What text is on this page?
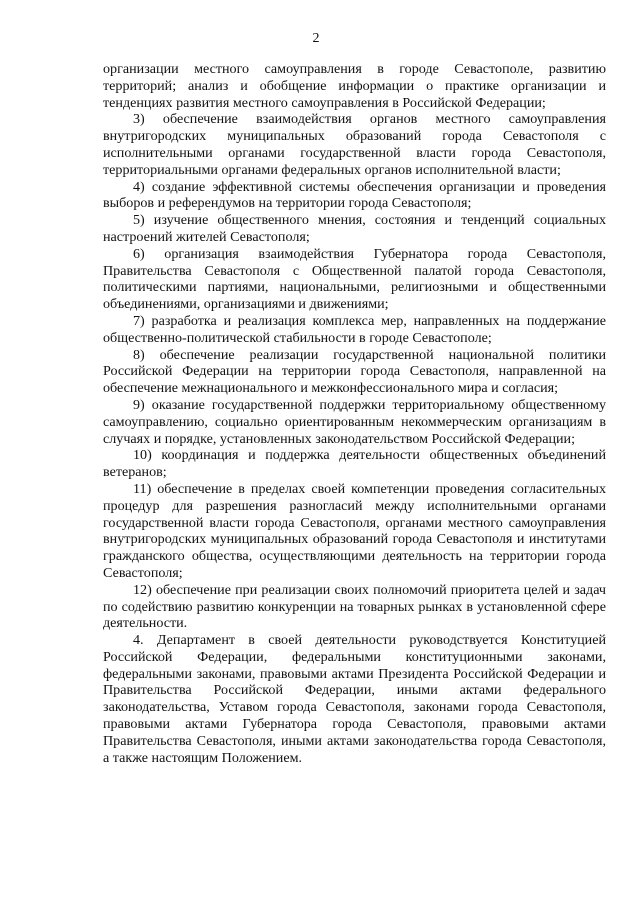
2

организации местного самоуправления в городе Севастополе, развитию территорий; анализ и обобщение информации о практике организации и тенденциях развития местного самоуправления в Российской Федерации;

3) обеспечение взаимодействия органов местного самоуправления внутригородских муниципальных образований города Севастополя с исполнительными органами государственной власти города Севастополя, территориальными органами федеральных органов исполнительной власти;

4) создание эффективной системы обеспечения организации и проведения выборов и референдумов на территории города Севастополя;

5) изучение общественного мнения, состояния и тенденций социальных настроений жителей Севастополя;

6) организация взаимодействия Губернатора города Севастополя, Правительства Севастополя с Общественной палатой города Севастополя, политическими партиями, национальными, религиозными и общественными объединениями, организациями и движениями;

7) разработка и реализация комплекса мер, направленных на поддержание общественно-политической стабильности в городе Севастополе;

8) обеспечение реализации государственной национальной политики Российской Федерации на территории города Севастополя, направленной на обеспечение межнационального и межконфессионального мира и согласия;

9) оказание государственной поддержки территориальному общественному самоуправлению, социально ориентированным некоммерческим организациям в случаях и порядке, установленных законодательством Российской Федерации;

10) координация и поддержка деятельности общественных объединений ветеранов;

11) обеспечение в пределах своей компетенции проведения согласительных процедур для разрешения разногласий между исполнительными органами государственной власти города Севастополя, органами местного самоуправления внутригородских муниципальных образований города Севастополя и институтами гражданского общества, осуществляющими деятельность на территории города Севастополя;

12) обеспечение при реализации своих полномочий приоритета целей и задач по содействию развитию конкуренции на товарных рынках в установленной сфере деятельности.

4. Департамент в своей деятельности руководствуется Конституцией Российской Федерации, федеральными конституционными законами, федеральными законами, правовыми актами Президента Российской Федерации и Правительства Российской Федерации, иными актами федерального законодательства, Уставом города Севастополя, законами города Севастополя, правовыми актами Губернатора города Севастополя, правовыми актами Правительства Севастополя, иными актами законодательства города Севастополя, а также настоящим Положением.
